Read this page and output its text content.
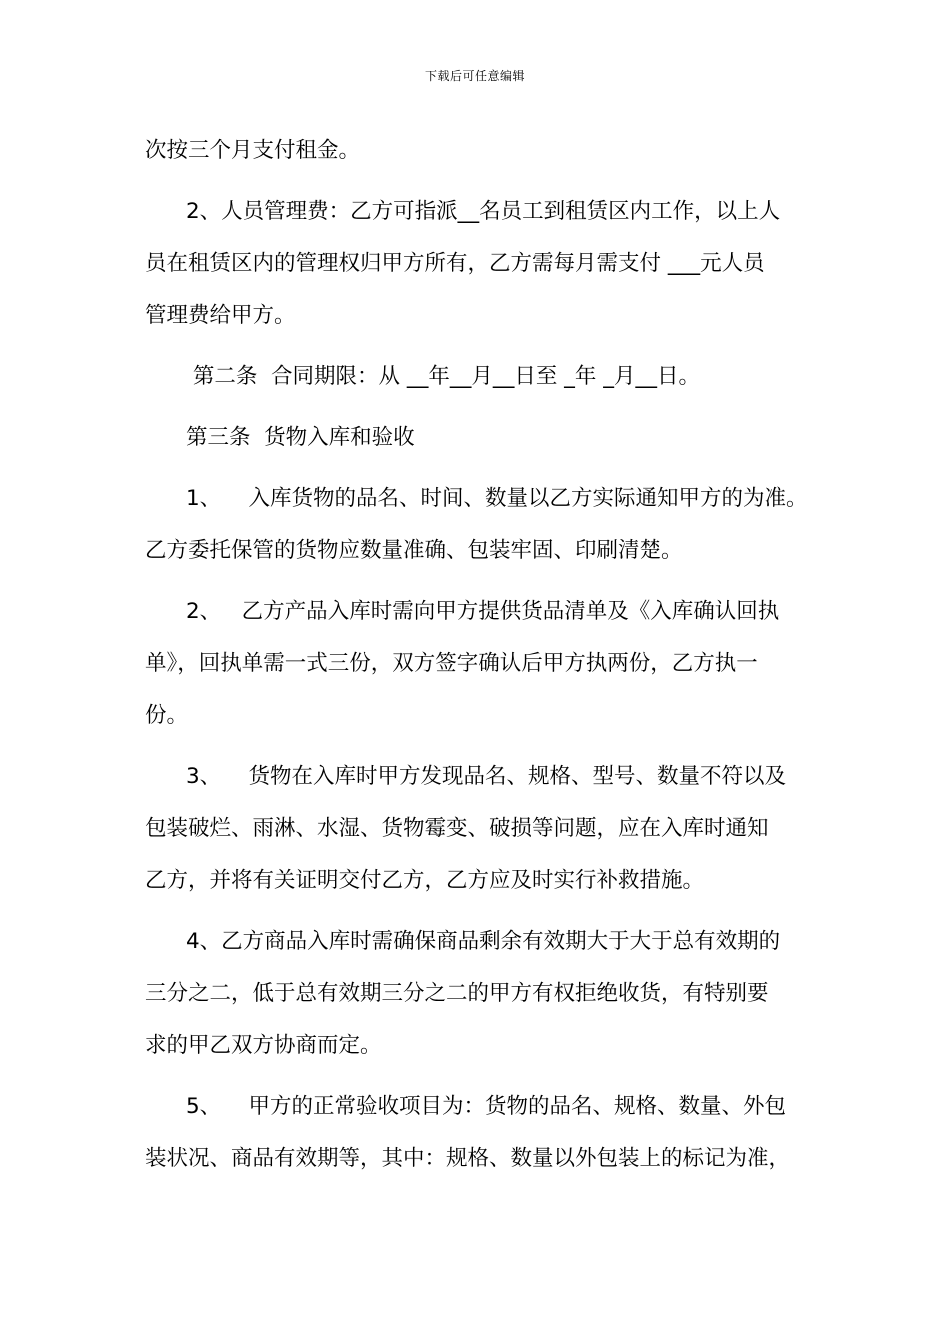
下载后可任意编辑

次按三个月支付租金。

2、人员管理费：乙方可指派__名员工到租赁区内工作，以上人

员在租赁区内的管理权归甲方所有，乙方需每月需支付 ___元人员

管理费给甲方。

第二条  合同期限：从 __年__月__日至 _年 _月__日。

第三条  货物入库和验收

1、    入库货物的品名、时间、数量以乙方实际通知甲方的为准。

乙方委托保管的货物应数量准确、包装牢固、印刷清楚。

2、   乙方产品入库时需向甲方提供货品清单及《入库确认回执

单》，回执单需一式三份，双方签字确认后甲方执两份，乙方执一

份。

3、    货物在入库时甲方发现品名、规格、型号、数量不符以及

包装破烂、雨淋、水湿、货物霉变、破损等问题，应在入库时通知

乙方，并将有关证明交付乙方，乙方应及时实行补救措施。

4、乙方商品入库时需确保商品剩余有效期大于大于总有效期的

三分之二，低于总有效期三分之二的甲方有权拒绝收货，有特别要

求的甲乙双方协商而定。

5、    甲方的正常验收项目为：货物的品名、规格、数量、外包

装状况、商品有效期等，其中：规格、数量以外包装上的标记为准，
